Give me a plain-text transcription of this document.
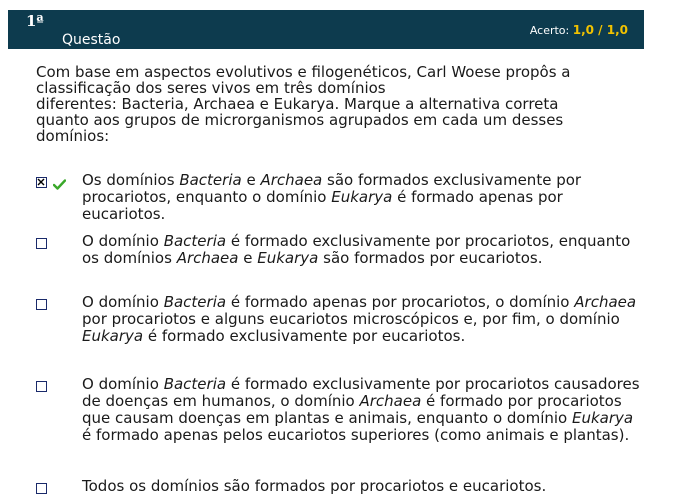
1ª
Questão
Acerto: 1,0 / 1,0
Com base em aspectos evolutivos e filogenéticos, Carl Woese propôs a
classificação dos seres vivos em três domínios
diferentes: Bacteria, Archaea e Eukarya. Marque a alternativa correta
quanto aos grupos de microrganismos agrupados em cada um desses
domínios:
Os domínios Bacteria e Archaea são formados exclusivamente por procariotos, enquanto o domínio Eukarya é formado apenas por eucariotos.
O domínio Bacteria é formado exclusivamente por procariotos, enquanto os domínios Archaea e Eukarya são formados por eucariotos.
O domínio Bacteria é formado apenas por procariotos, o domínio Archaea por procariotos e alguns eucariotos microscópicos e, por fim, o domínio Eukarya é formado exclusivamente por eucariotos.
O domínio Bacteria é formado exclusivamente por procariotos causadores de doenças em humanos, o domínio Archaea é formado por procariotos que causam doenças em plantas e animais, enquanto o domínio Eukarya é formado apenas pelos eucariotos superiores (como animais e plantas).
Todos os domínios são formados por procariotos e eucariotos.
